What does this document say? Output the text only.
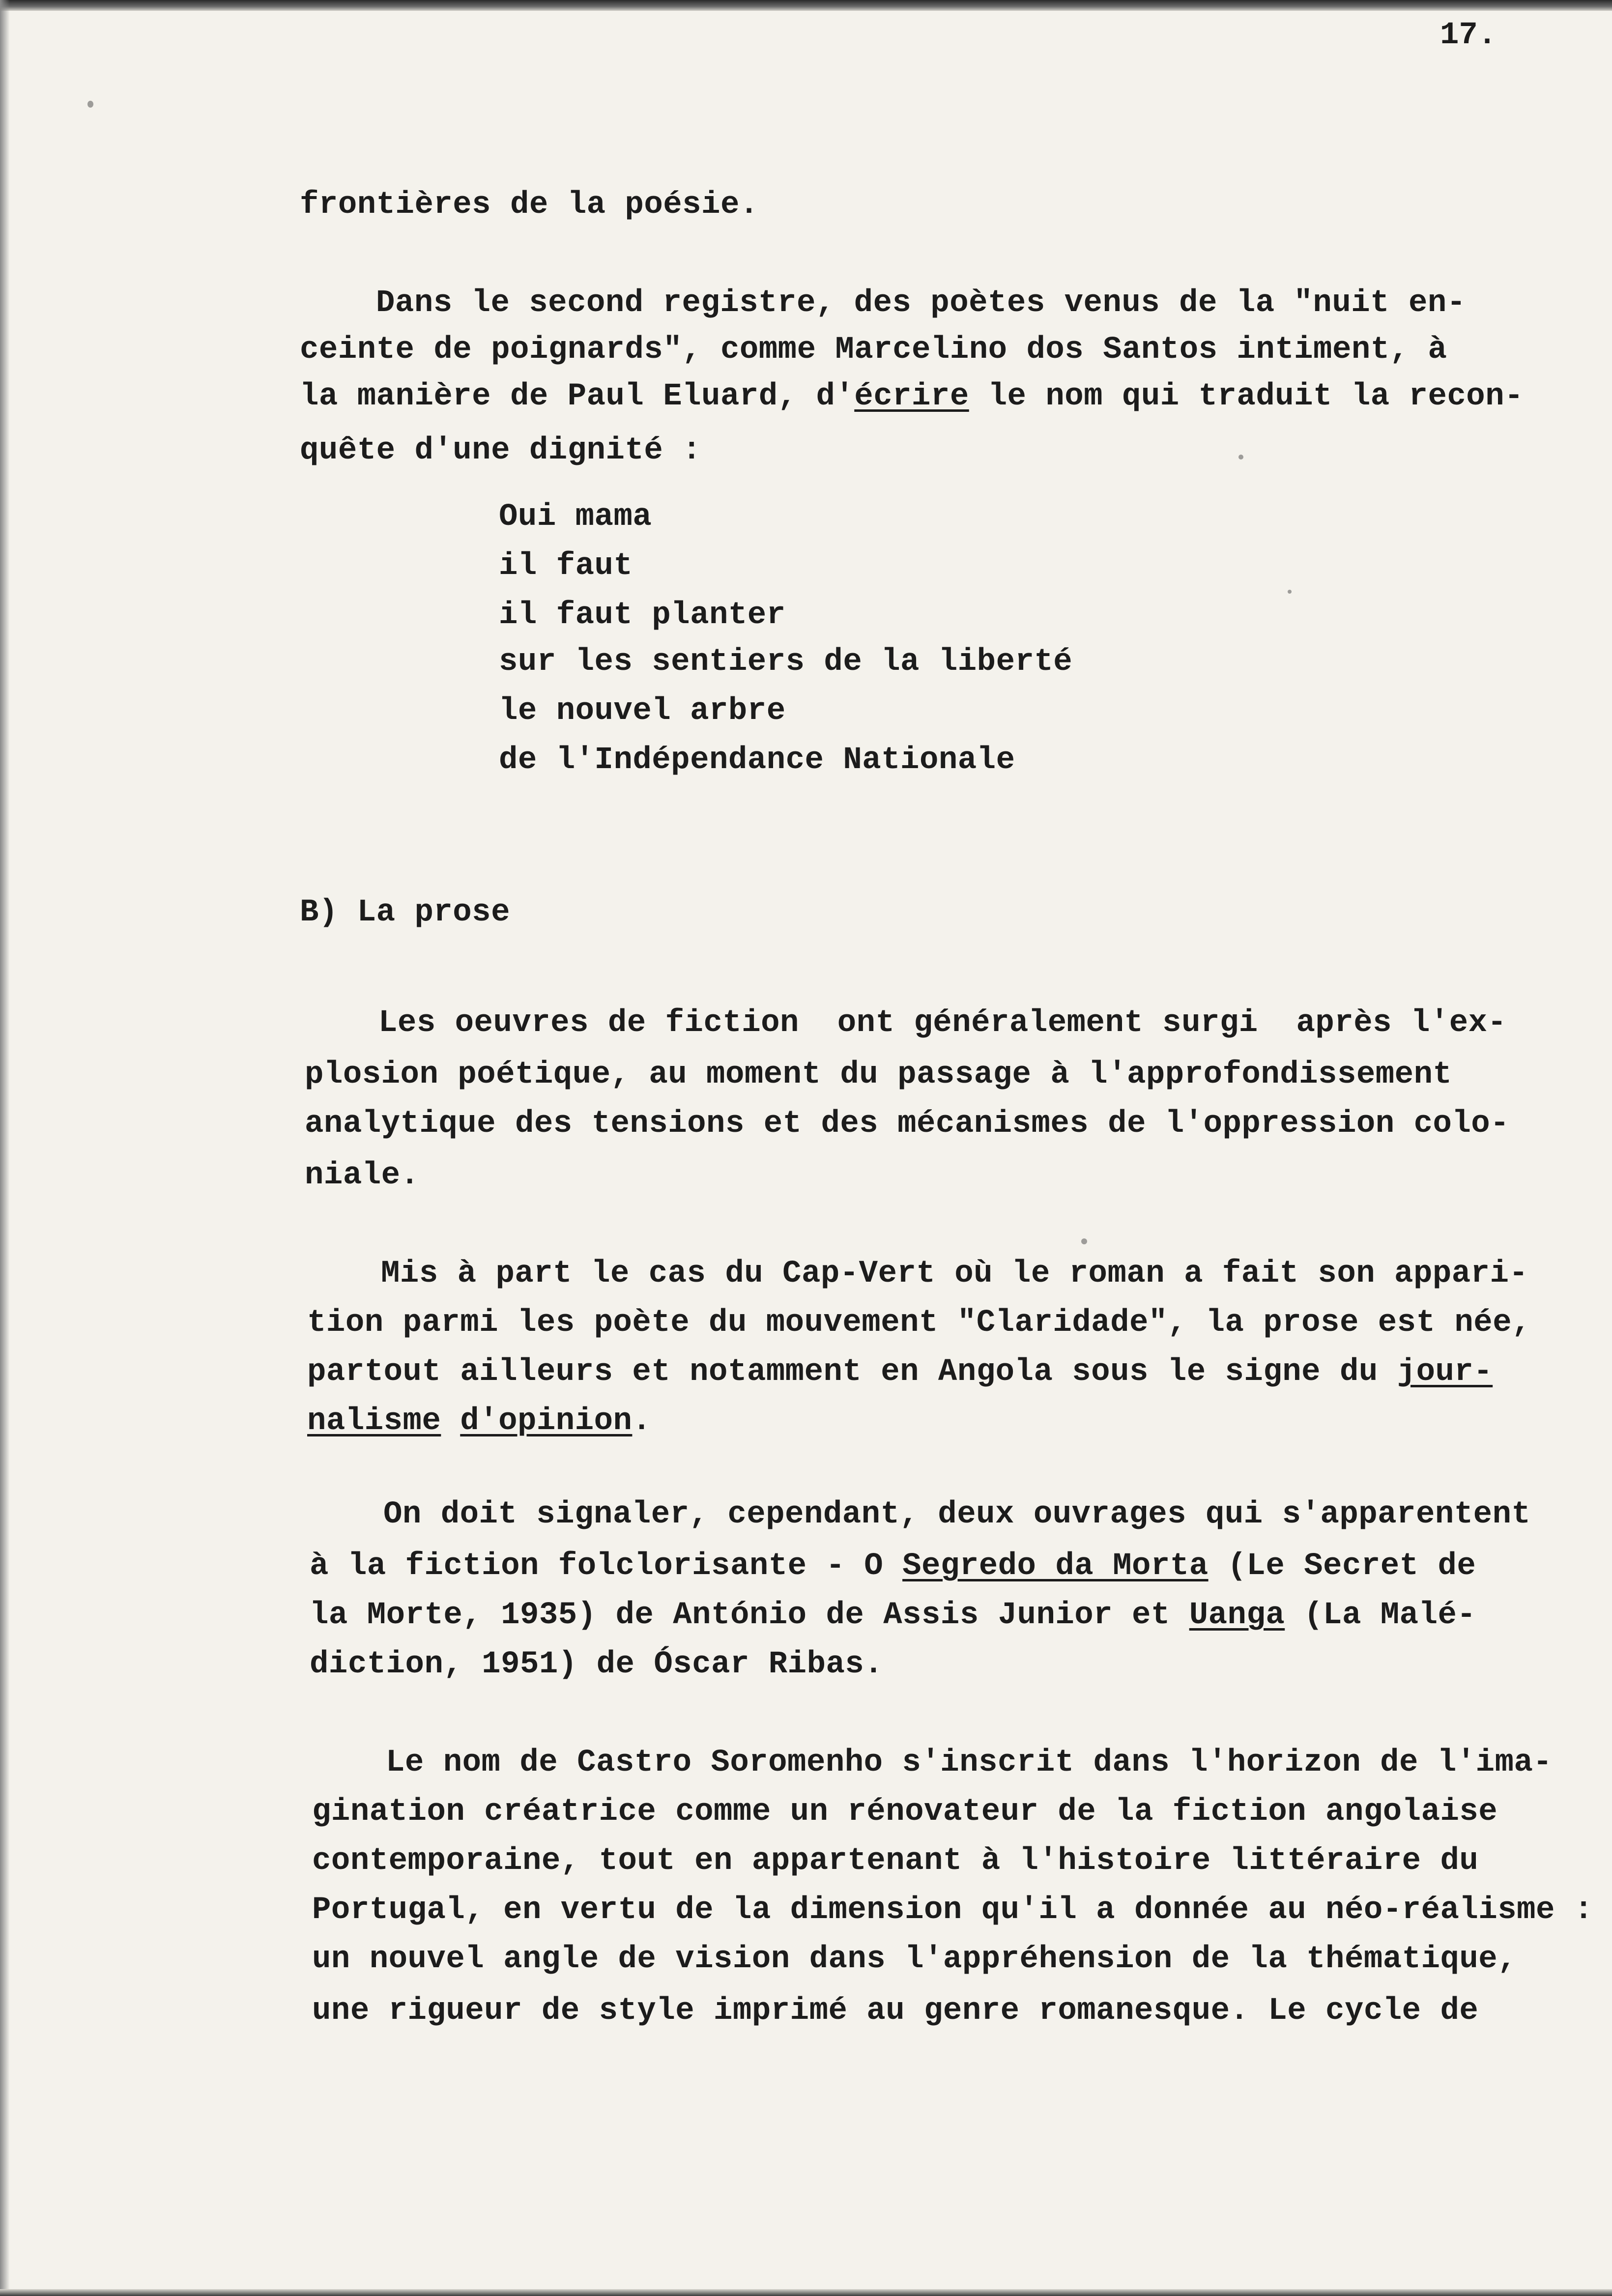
17.
frontières de la poésie.
Dans le second registre, des poètes venus de la "nuit en-
ceinte de poignards", comme Marcelino dos Santos intiment, à
la manière de Paul Eluard, d'écrire le nom qui traduit la recon-
quête d'une dignité :
Oui mama
il faut
il faut planter
sur les sentiers de la liberté
le nouvel arbre
de l'Indépendance Nationale
B) La prose
Les oeuvres de fiction  ont généralement surgi  après l'ex-
plosion poétique, au moment du passage à l'approfondissement
analytique des tensions et des mécanismes de l'oppression colo-
niale.
Mis à part le cas du Cap-Vert où le roman a fait son appari-
tion parmi les poète du mouvement "Claridade", la prose est née,
partout ailleurs et notamment en Angola sous le signe du jour-
nalisme d'opinion.
On doit signaler, cependant, deux ouvrages qui s'apparentent
à la fiction folclorisante - O Segredo da Morta (Le Secret de
la Morte, 1935) de António de Assis Junior et Uanga (La Malé-
diction, 1951) de Óscar Ribas.
Le nom de Castro Soromenho s'inscrit dans l'horizon de l'ima-
gination créatrice comme un rénovateur de la fiction angolaise
contemporaine, tout en appartenant à l'histoire littéraire du
Portugal, en vertu de la dimension qu'il a donnée au néo-réalisme :
un nouvel angle de vision dans l'appréhension de la thématique,
une rigueur de style imprimé au genre romanesque. Le cycle de
